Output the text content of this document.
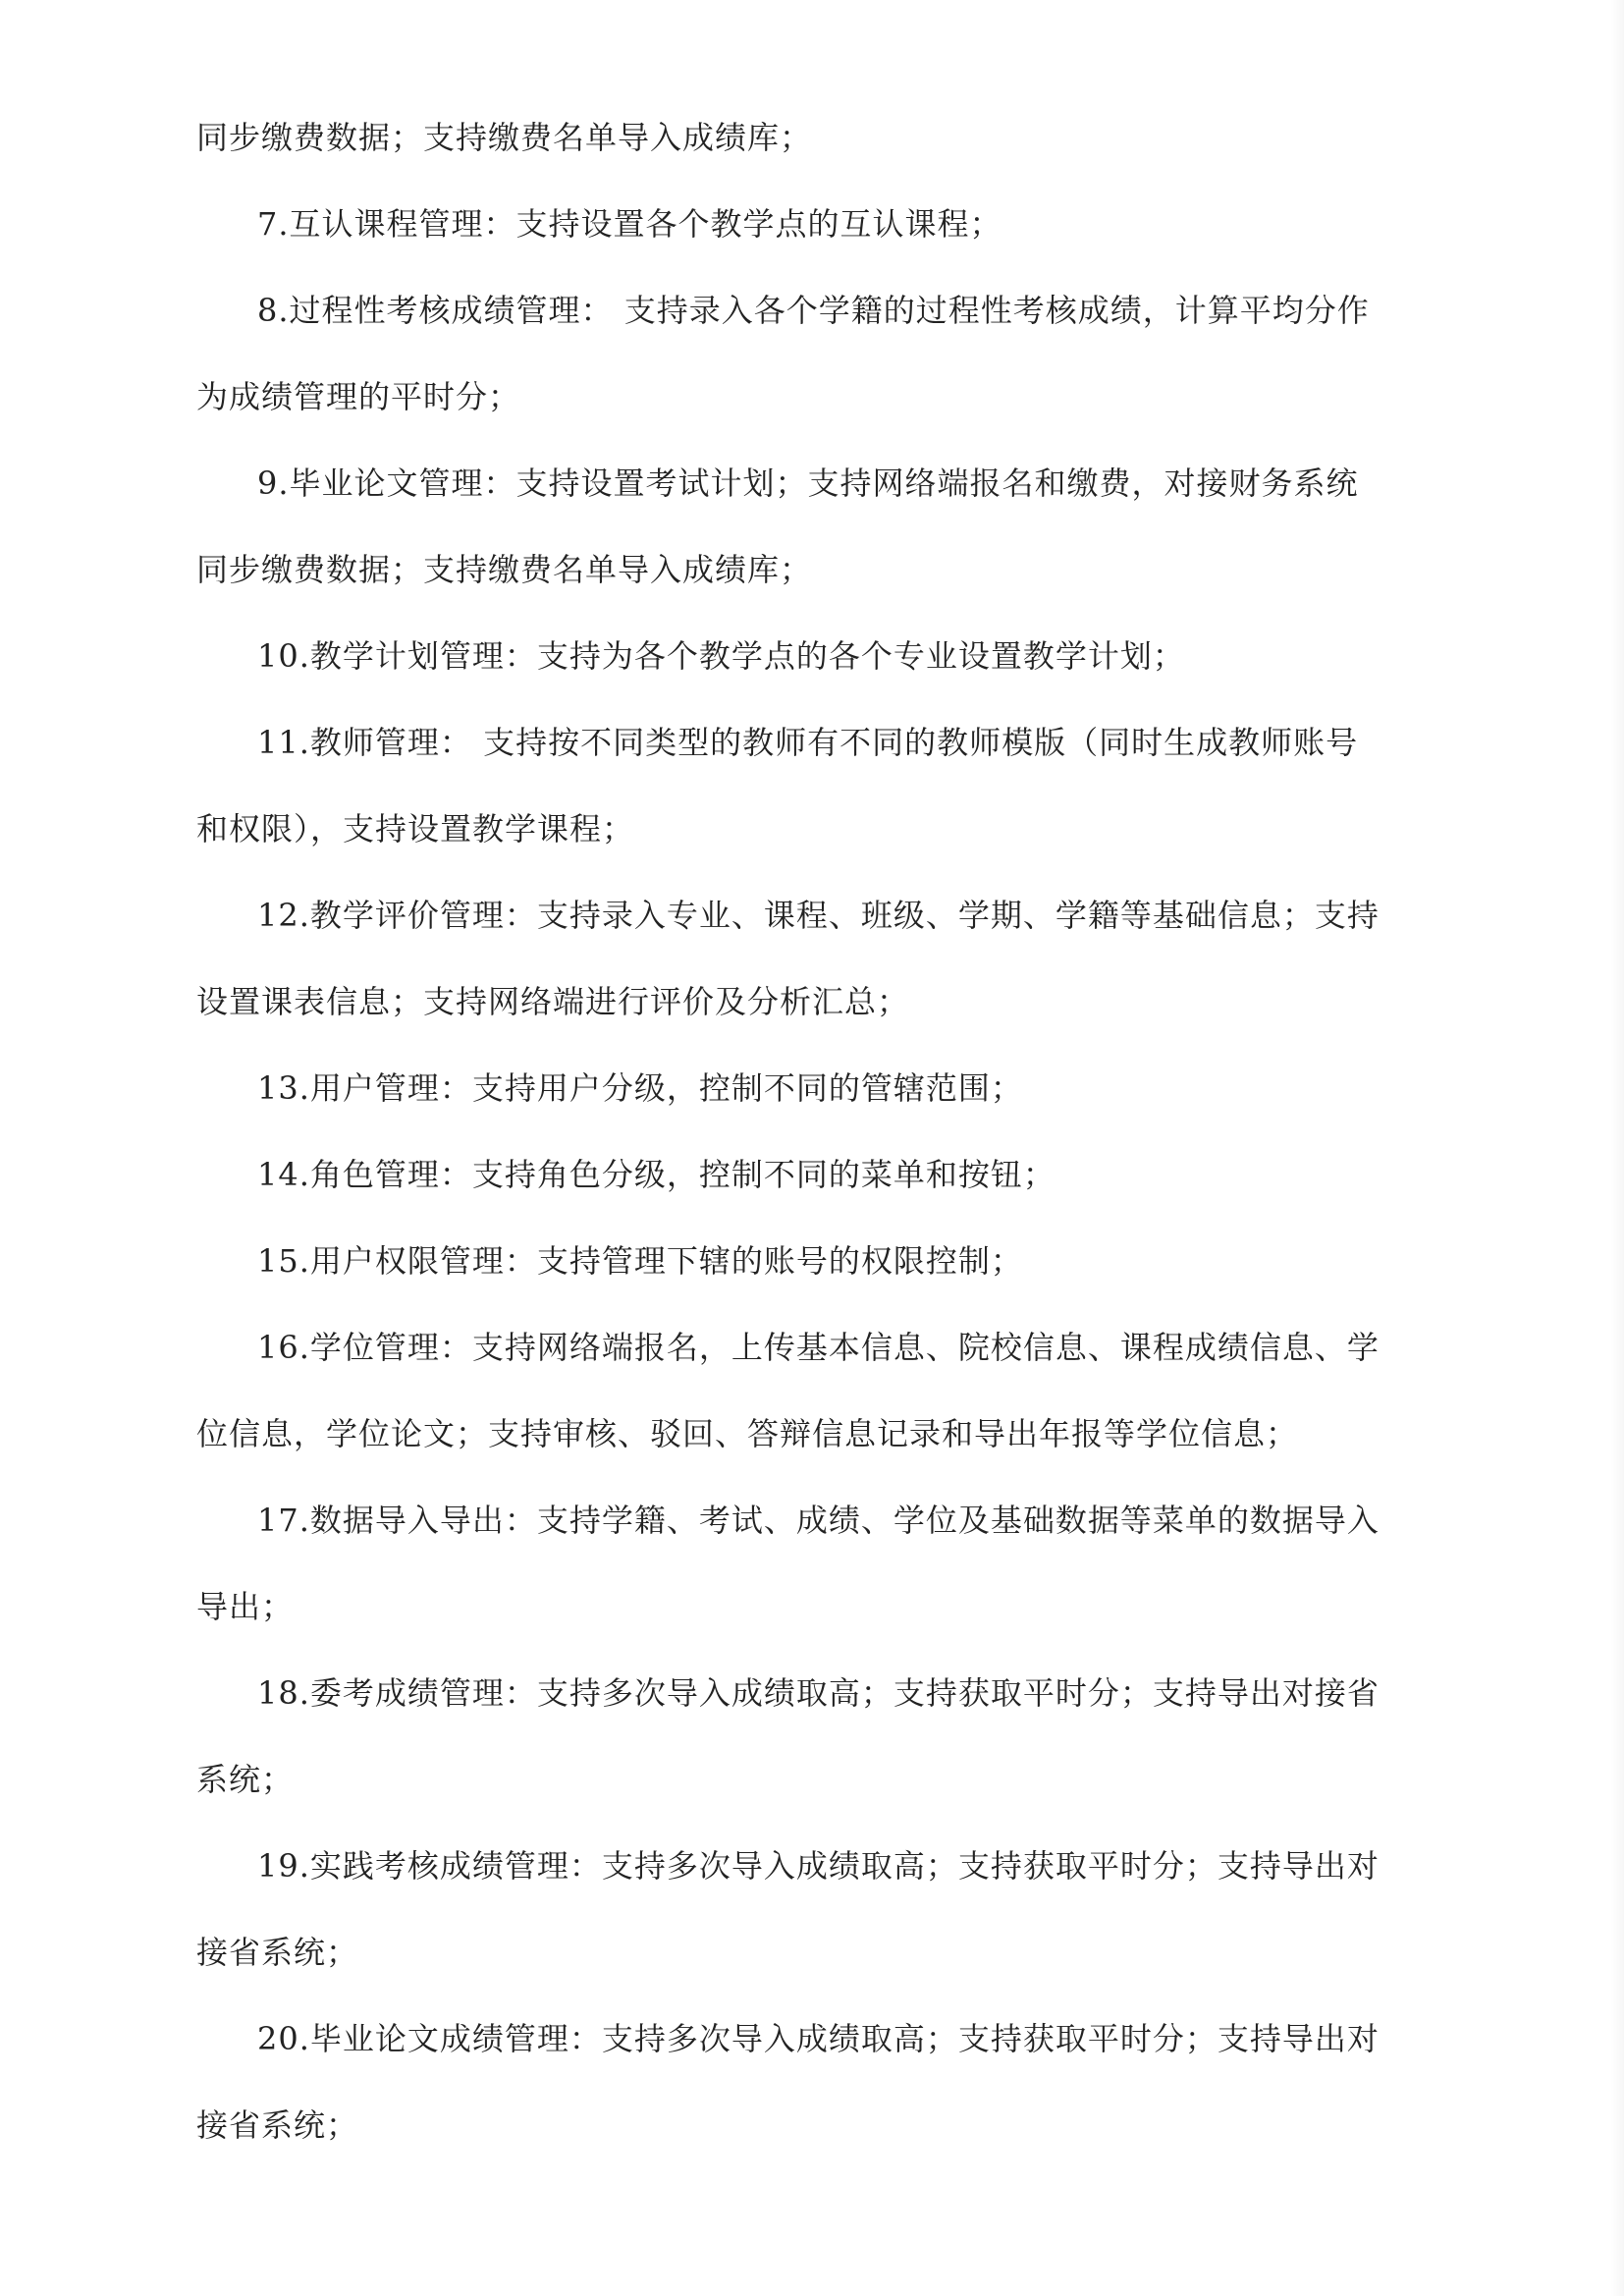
同步缴费数据；支持缴费名单导入成绩库；
7.互认课程管理：支持设置各个教学点的互认课程；
8.过程性考核成绩管理： 支持录入各个学籍的过程性考核成绩，计算平均分作
为成绩管理的平时分；
9.毕业论文管理：支持设置考试计划；支持网络端报名和缴费，对接财务系统
同步缴费数据；支持缴费名单导入成绩库；
10.教学计划管理：支持为各个教学点的各个专业设置教学计划；
11.教师管理： 支持按不同类型的教师有不同的教师模版（同时生成教师账号
和权限），支持设置教学课程；
12.教学评价管理：支持录入专业、课程、班级、学期、学籍等基础信息；支持
设置课表信息；支持网络端进行评价及分析汇总；
13.用户管理：支持用户分级，控制不同的管辖范围；
14.角色管理：支持角色分级，控制不同的菜单和按钮；
15.用户权限管理：支持管理下辖的账号的权限控制；
16.学位管理：支持网络端报名，上传基本信息、院校信息、课程成绩信息、学
位信息，学位论文；支持审核、驳回、答辩信息记录和导出年报等学位信息；
17.数据导入导出：支持学籍、考试、成绩、学位及基础数据等菜单的数据导入
导出；
18.委考成绩管理：支持多次导入成绩取高；支持获取平时分；支持导出对接省
系统；
19.实践考核成绩管理：支持多次导入成绩取高；支持获取平时分；支持导出对
接省系统；
20.毕业论文成绩管理：支持多次导入成绩取高；支持获取平时分；支持导出对
接省系统；
